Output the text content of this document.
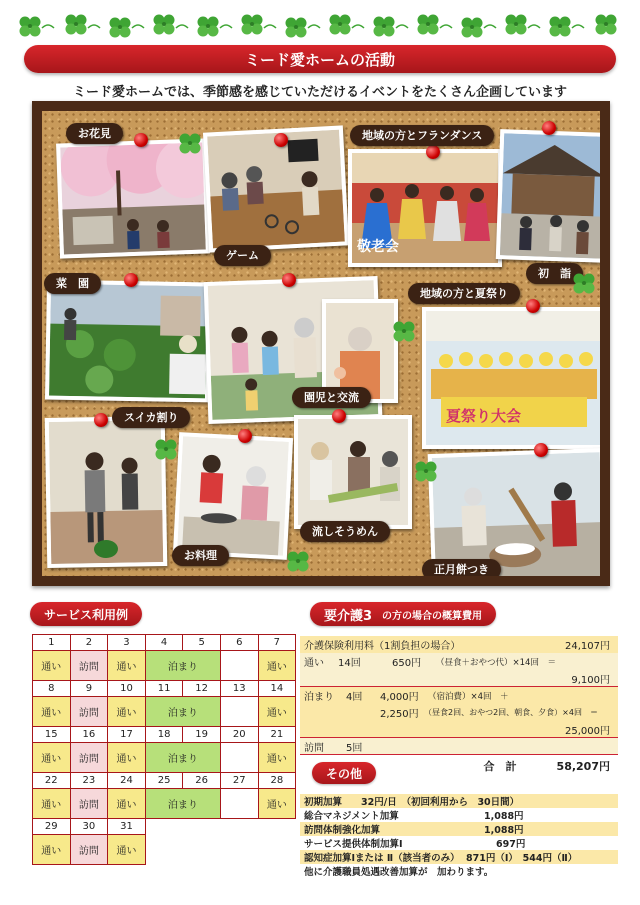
ミード愛ホームの活動
ミード愛ホームでは、季節感を感じていただけるイベントをたくさん企画しています
お花見
ゲーム
敬老会
地域の方とフランダンス
初　詣
菜　園
園児と交流
夏祭り大会
地域の方と夏祭り
スイカ割り
お料理
流しそうめん
正月餅つき
サービス利用例	要介護3 の方の場合の概算費用
1	2	3	4	5	6	7
通い	訪問	通い	泊まり			通い
8	9	10	11	12	13	14
通い	訪問	通い	泊まり			通い
15	16	17	18	19	20	21
通い	訪問	通い	泊まり			通い
22	23	24	25	26	27	28
通い	訪問	通い	泊まり			通い
29	30	31				
通い	訪問	通い				
介護保険利用料（1割負担の場合）	24,107円
通い	14回	650円	（昼食＋おやつ代）×14回　＝
9,100円
泊まり	4回	4,000円	（宿泊費）×4回　＋
2,250円 （昼食2回、おやつ2回、朝食、夕食）×4回　＝
25,000円
訪問	5回
合　計	58,207円
その他
初期加算　　32円/日　（初回利用から　30日間）
総合マネジメント加算	1,088円
訪問体制強化加算	1,088円
サービス提供体制加算Ⅰ	697円
認知症加算Ⅰまたは Ⅱ（該当者のみ） 871円（Ⅰ）　544円（Ⅱ）
他に介護職員処遇改善加算が　加わります。
